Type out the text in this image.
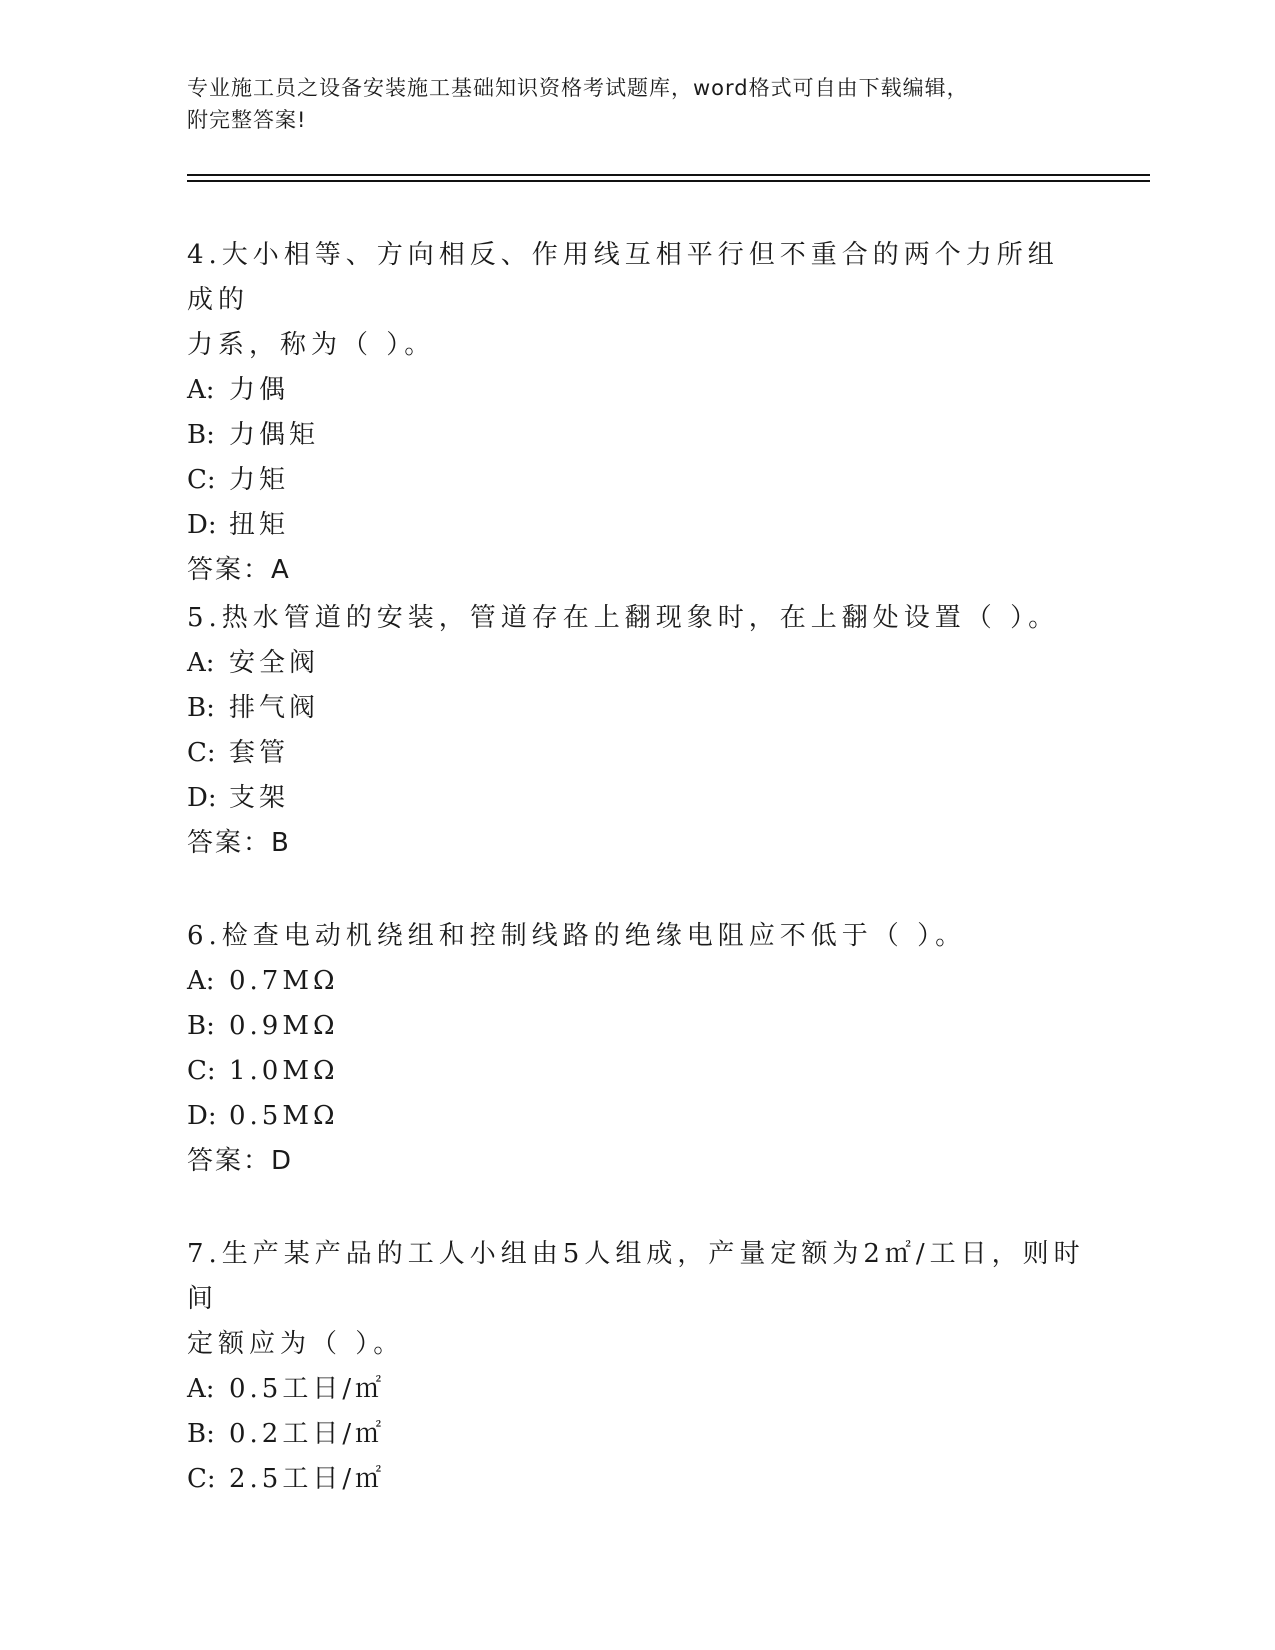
专业施工员之设备安装施工基础知识资格考试题库，word格式可自由下载编辑，
附完整答案!

4.大小相等、方向相反、作用线互相平行但不重合的两个力所组成的

力系，称为（ ）。

A: 力偶

B: 力偶矩

C: 力矩

D: 扭矩

答案：A

5.热水管道的安装，管道存在上翻现象时，在上翻处设置（ ）。

A: 安全阀

B: 排气阀

C: 套管

D: 支架

答案：B

6.检查电动机绕组和控制线路的绝缘电阻应不低于（ ）。

A: 0.7MΩ

B: 0.9MΩ

C: 1.0MΩ

D: 0.5MΩ

答案：D

7.生产某产品的工人小组由5人组成，产量定额为2㎡/工日，则时间

定额应为（ ）。

A: 0.5工日/㎡

B: 0.2工日/㎡

C: 2.5工日/㎡
